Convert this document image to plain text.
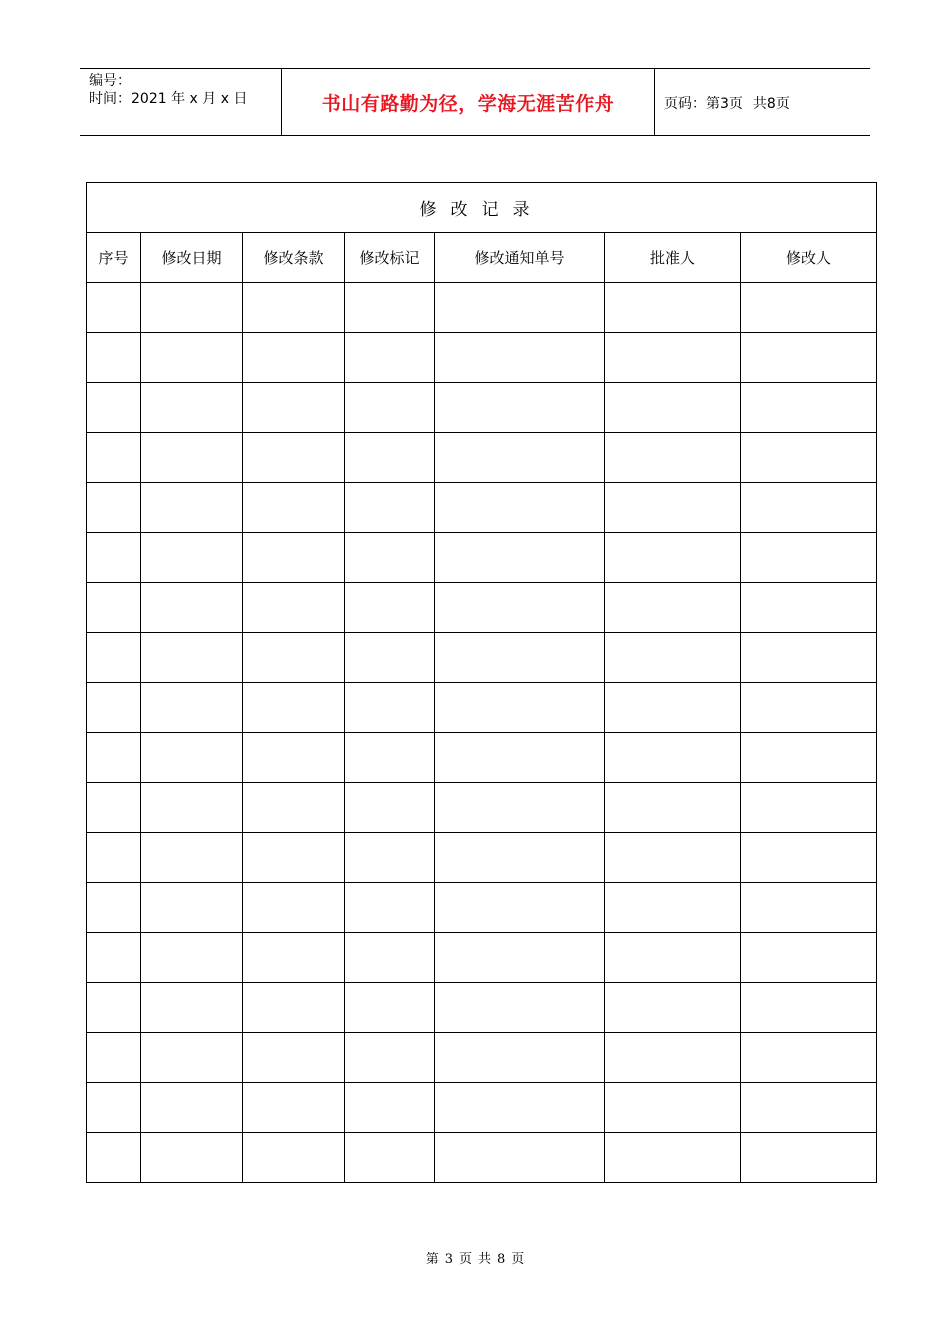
编号：
时间：2021 年 x 月 x 日	书山有路勤为径，学海无涯苦作舟	页码：第3页 共8页
修改记录						
序号	修改日期	修改条款	修改标记	修改通知单号	批准人	修改人

第 3 页 共 8 页
